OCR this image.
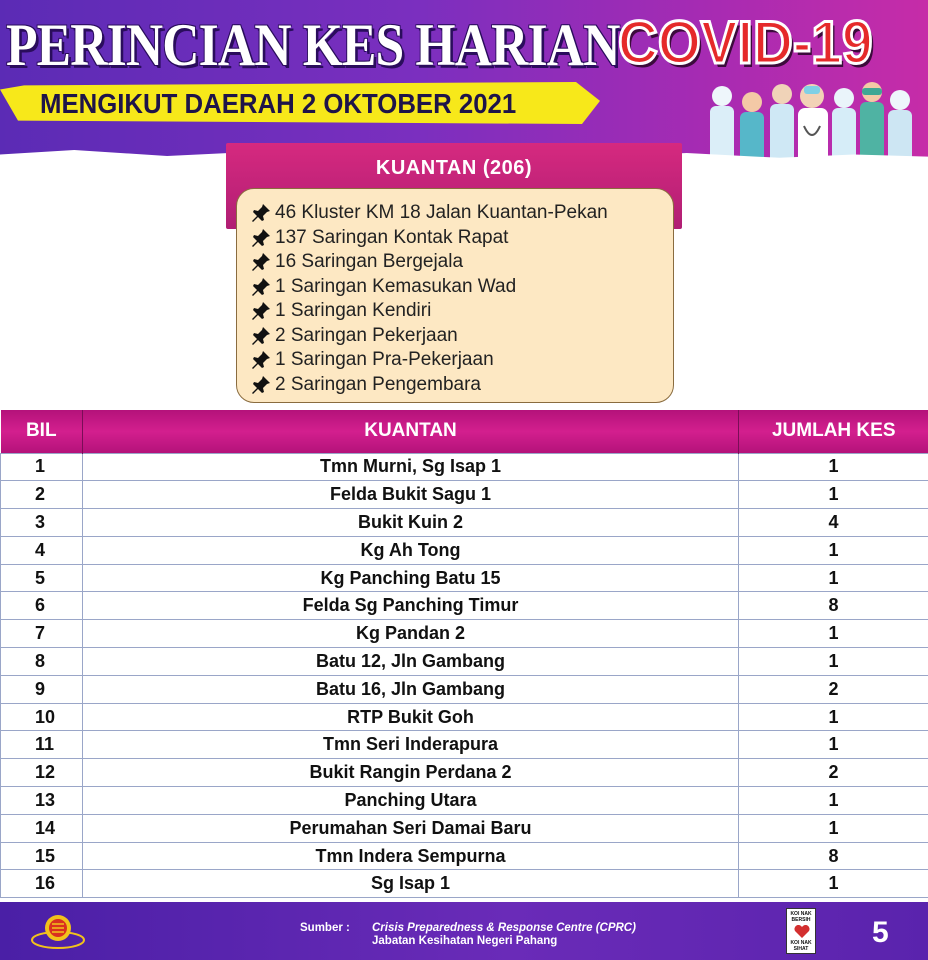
PERINCIAN KES HARIAN
COVID-19
MENGIKUT DAERAH 2 OKTOBER 2021
KUANTAN (206)
46 Kluster KM 18 Jalan Kuantan-Pekan
137 Saringan Kontak Rapat
16 Saringan Bergejala
1 Saringan Kemasukan Wad
1 Saringan Kendiri
2 Saringan Pekerjaan
1 Saringan Pra-Pekerjaan
2 Saringan Pengembara
BIL	KUANTAN	JUMLAH KES
1	Tmn Murni, Sg Isap 1	1
2	Felda Bukit Sagu 1	1
3	Bukit Kuin 2	4
4	Kg Ah Tong	1
5	Kg Panching Batu 15	1
6	Felda Sg Panching Timur	8
7	Kg Pandan 2	1
8	Batu 12, Jln Gambang	1
9	Batu 16, Jln Gambang	2
10	RTP Bukit Goh	1
11	Tmn Seri Inderapura	1
12	Bukit Rangin Perdana 2	2
13	Panching Utara	1
14	Perumahan Seri Damai Baru	1
15	Tmn Indera Sempurna	8
16	Sg Isap 1	1
Sumber : Crisis Preparedness & Response Centre (CPRC)
Jabatan Kesihatan Negeri Pahang
KOI NAK
BERSIH
KOI NAK
SIHAT 5
